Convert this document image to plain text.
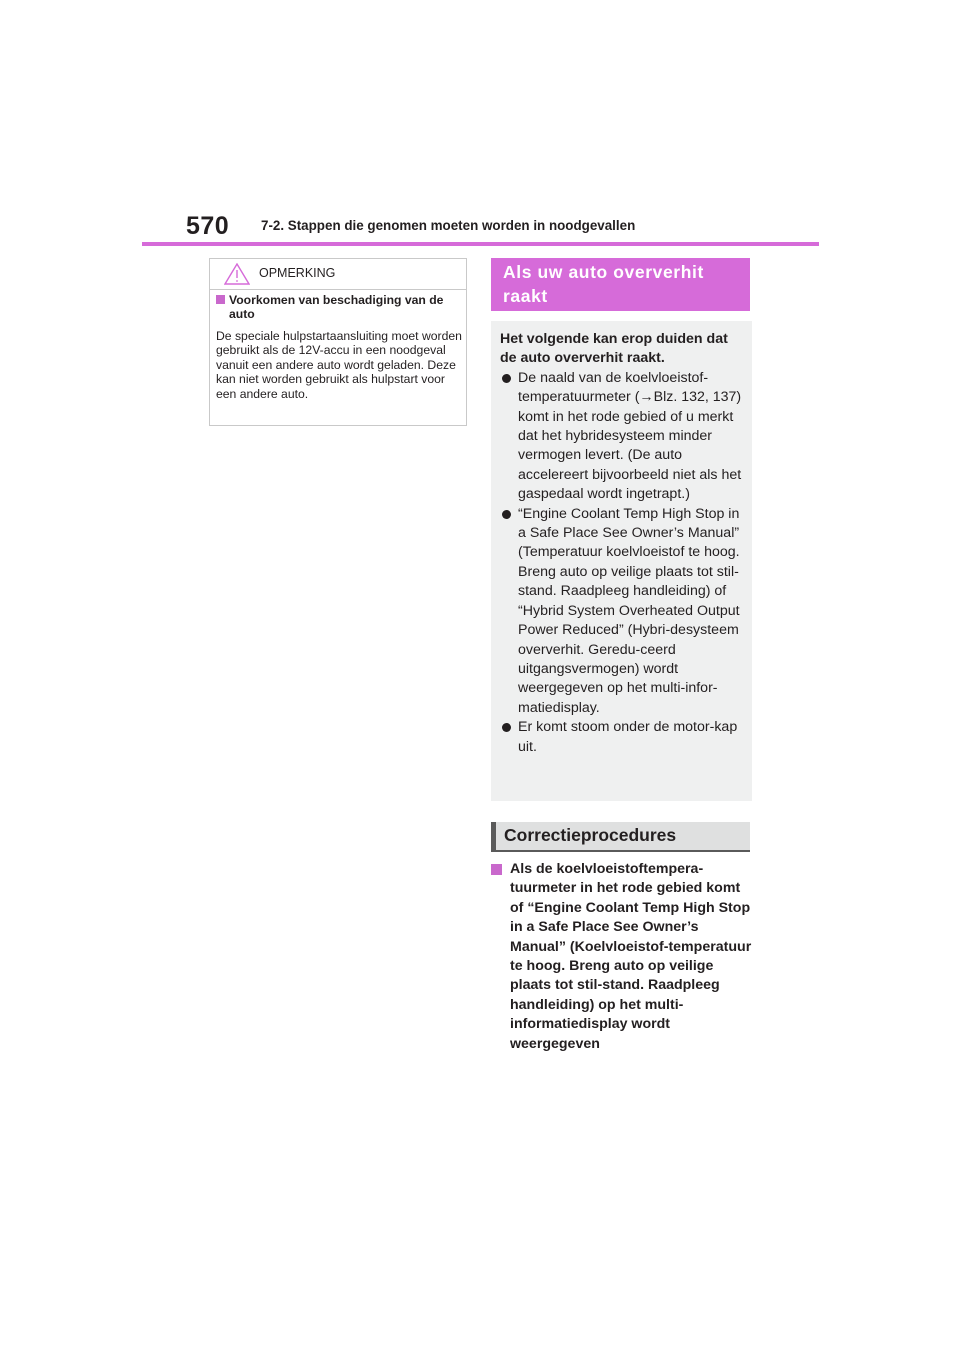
570 7-2. Stappen die genomen moeten worden in noodgevallen
OPMERKING
Voorkomen van beschadiging van de auto
De speciale hulpstartaansluiting moet worden gebruikt als de 12V-accu in een noodgeval vanuit een andere auto wordt geladen. Deze kan niet worden gebruikt als hulpstart voor een andere auto.
Als uw auto oververhit raakt
Het volgende kan erop duiden dat de auto oververhit raakt.
De naald van de koelvloeistof-temperatuurmeter (→Blz. 132, 137) komt in het rode gebied of u merkt dat het hybridesysteem minder vermogen levert. (De auto accelereert bijvoorbeeld niet als het gaspedaal wordt ingetrapt.)
“Engine Coolant Temp High Stop in a Safe Place See Owner’s Manual” (Temperatuur koelvloeistof te hoog. Breng auto op veilige plaats tot stil-stand. Raadpleeg handleiding) of “Hybrid System Overheated Output Power Reduced” (Hybri-desysteem oververhit. Geredu-ceerd uitgangsvermogen) wordt weergegeven op het multi-infor-matiedisplay.
Er komt stoom onder de motor-kap uit.
Correctieprocedures
Als de koelvloeistoftempera-tuurmeter in het rode gebied komt of “Engine Coolant Temp High Stop in a Safe Place See Owner’s Manual” (Koelvloeistof-temperatuur te hoog. Breng auto op veilige plaats tot stil-stand. Raadpleeg handleiding) op het multi-informatiedisplay wordt weergegeven
